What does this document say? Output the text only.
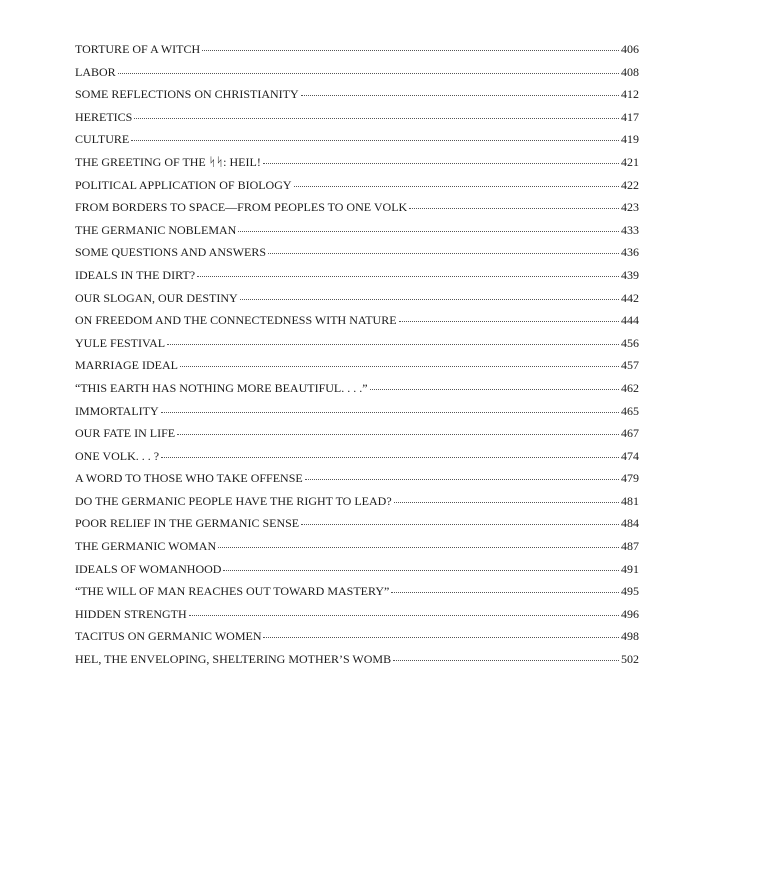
TORTURE OF A WITCH	406
LABOR	408
SOME REFLECTIONS ON CHRISTIANITY	412
HERETICS	417
CULTURE	419
THE GREETING OF THE ᛋᛋ: HEIL!	421
POLITICAL APPLICATION OF BIOLOGY	422
FROM BORDERS TO SPACE—FROM PEOPLES TO ONE VOLK	423
THE GERMANIC NOBLEMAN	433
SOME QUESTIONS AND ANSWERS	436
IDEALS IN THE DIRT?	439
OUR SLOGAN, OUR DESTINY	442
ON FREEDOM AND THE CONNECTEDNESS WITH NATURE	444
YULE FESTIVAL	456
MARRIAGE IDEAL	457
“THIS EARTH HAS NOTHING MORE BEAUTIFUL. . . .”	462
IMMORTALITY	465
OUR FATE IN LIFE	467
ONE VOLK. . . ?	474
A WORD TO THOSE WHO TAKE OFFENSE	479
DO THE GERMANIC PEOPLE HAVE THE RIGHT TO LEAD?	481
POOR RELIEF IN THE GERMANIC SENSE	484
THE GERMANIC WOMAN	487
IDEALS OF WOMANHOOD	491
“THE WILL OF MAN REACHES OUT TOWARD MASTERY”	495
HIDDEN STRENGTH	496
TACITUS ON GERMANIC WOMEN	498
HEL, THE ENVELOPING, SHELTERING MOTHER’S WOMB	502
